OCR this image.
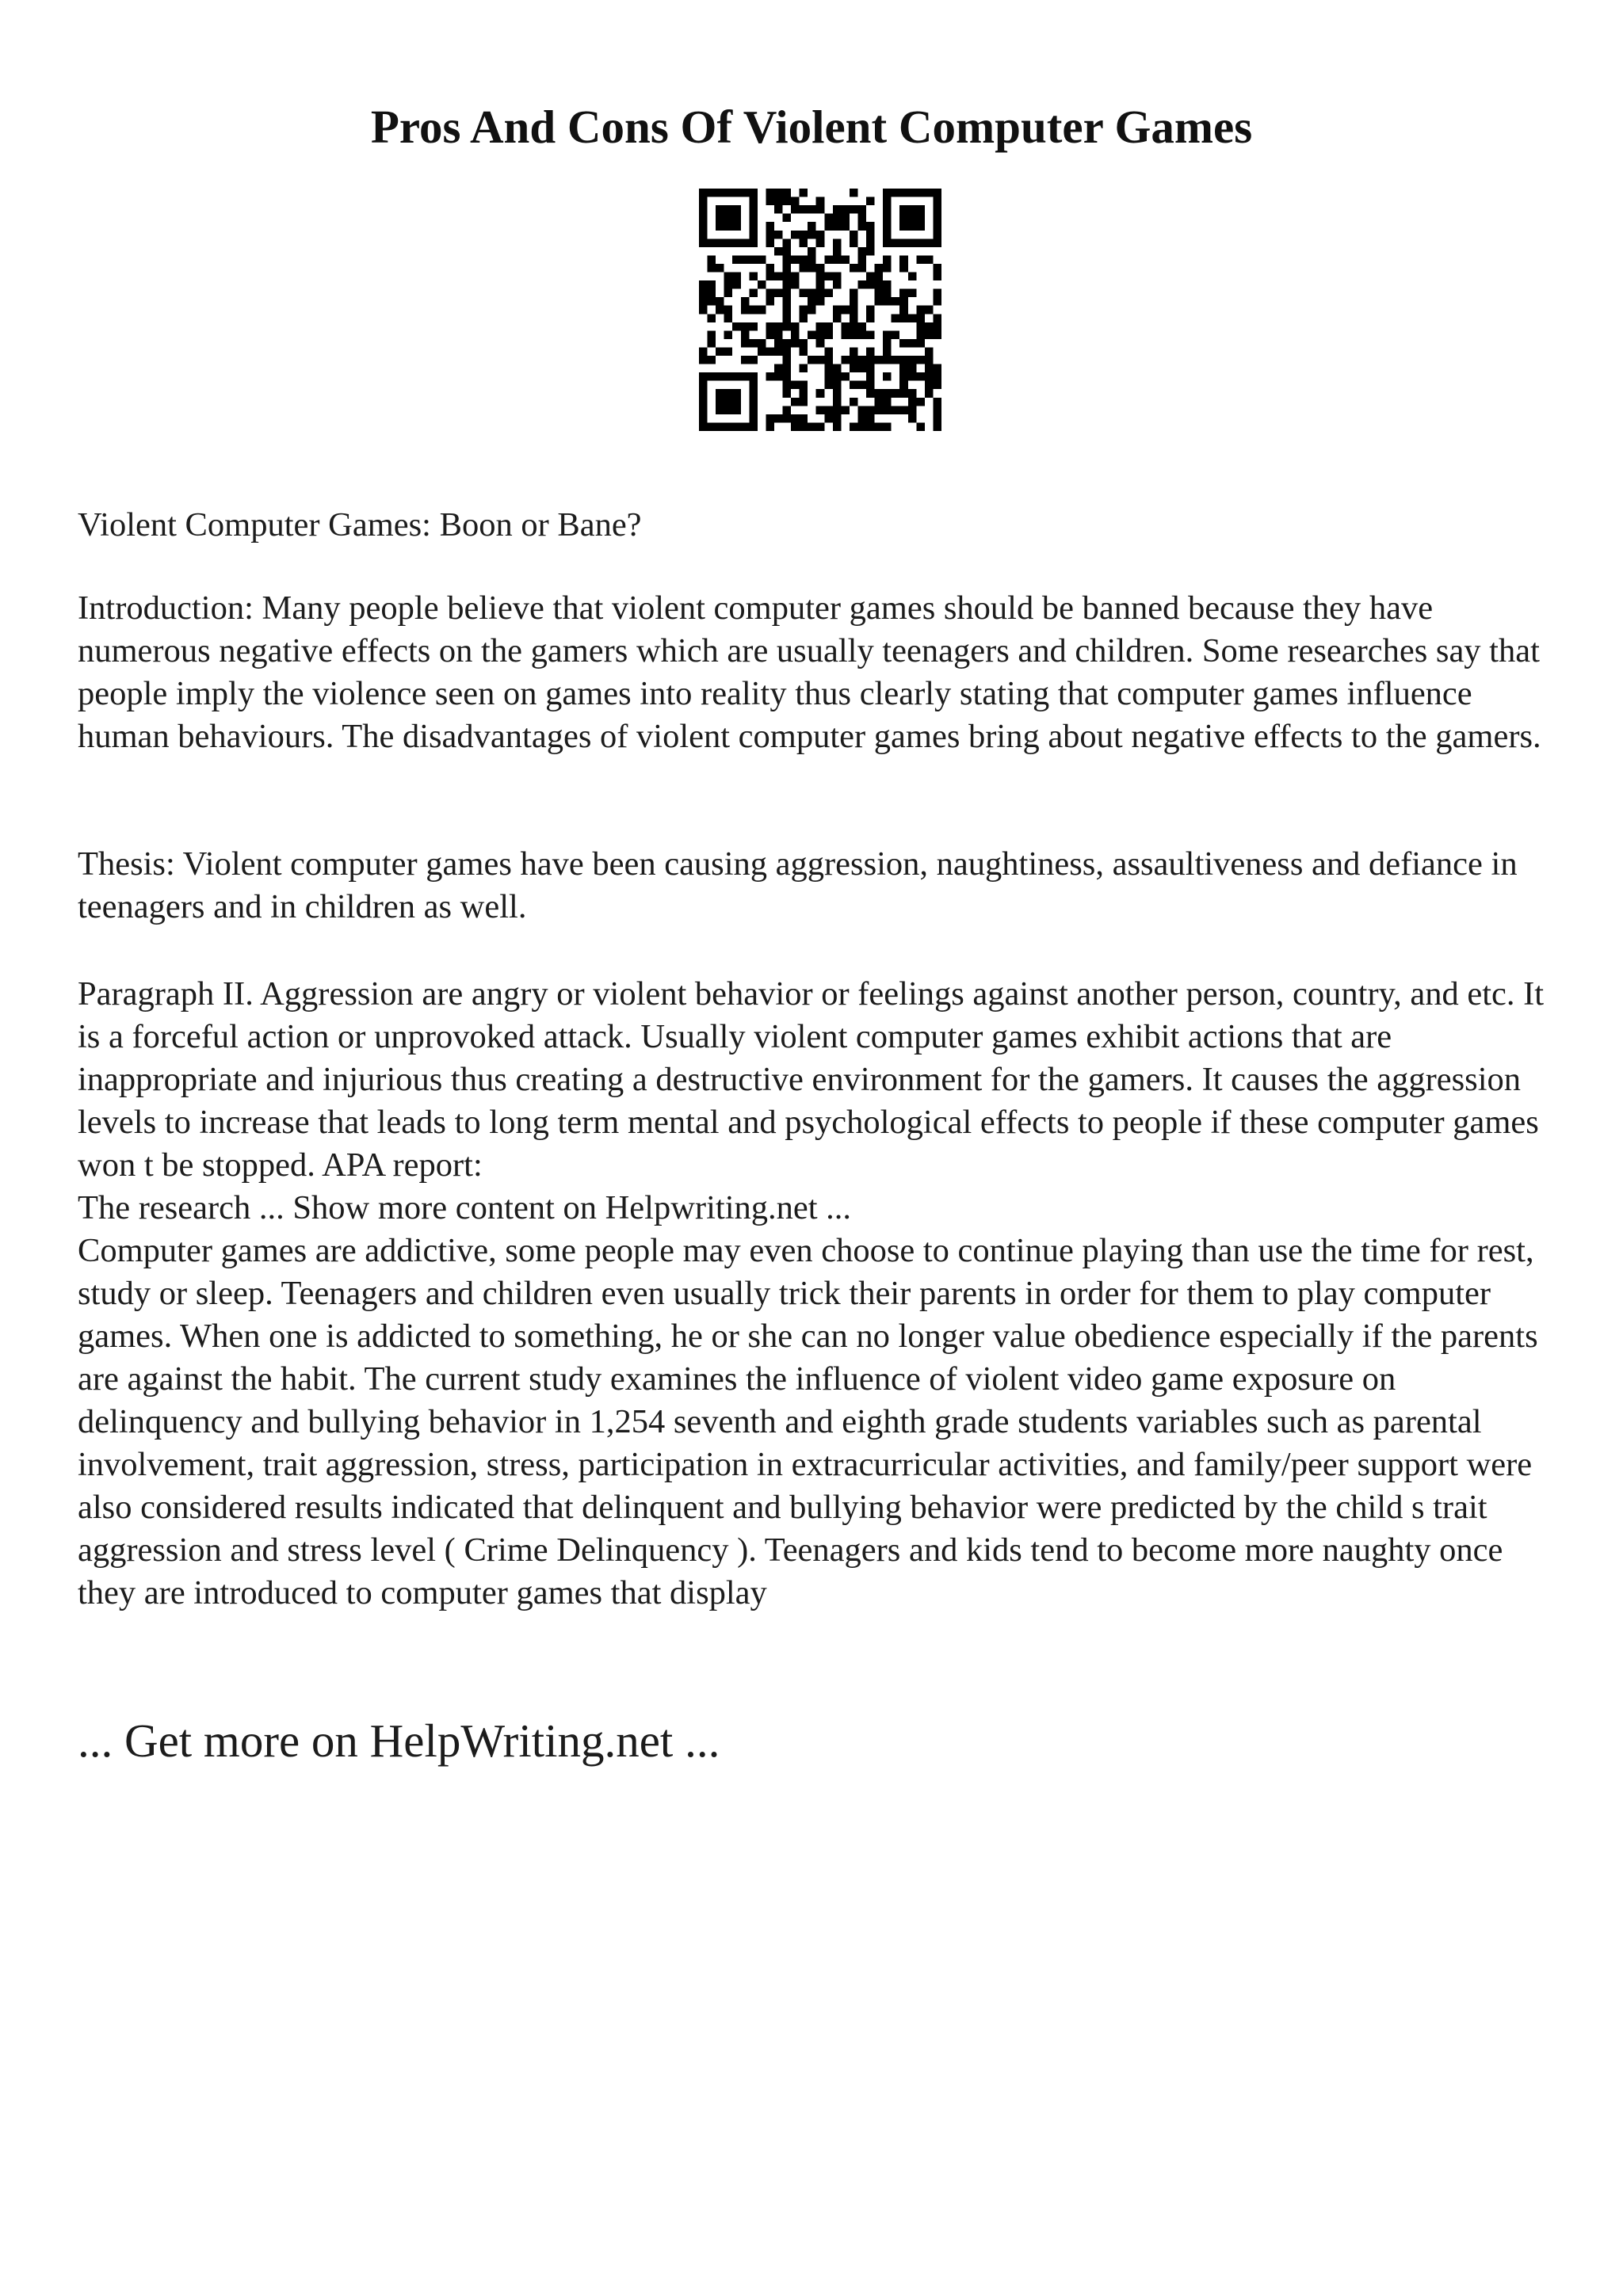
Pros And Cons Of Violent Computer Games

Violent Computer Games: Boon or Bane?

Introduction: Many people believe that violent computer games should be banned because they have numerous negative effects on the gamers which are usually teenagers and children. Some researches say that people imply the violence seen on games into reality thus clearly stating that computer games influence human behaviours. The disadvantages of violent computer games bring about negative effects to the gamers.

Thesis: Violent computer games have been causing aggression, naughtiness, assaultiveness and defiance in teenagers and in children as well.

Paragraph II. Aggression are angry or violent behavior or feelings against another person, country, and etc. It is a forceful action or unprovoked attack. Usually violent computer games exhibit actions that are inappropriate and injurious thus creating a destructive environment for the gamers. It causes the aggression levels to increase that leads to long term mental and psychological effects to people if these computer games won t be stopped. APA report:

The research ... Show more content on Helpwriting.net ...

Computer games are addictive, some people may even choose to continue playing than use the time for rest, study or sleep. Teenagers and children even usually trick their parents in order for them to play computer games. When one is addicted to something, he or she can no longer value obedience especially if the parents are against the habit. The current study examines the influence of violent video game exposure on delinquency and bullying behavior in 1,254 seventh and eighth grade students variables such as parental involvement, trait aggression, stress, participation in extracurricular activities, and family/peer support were also considered results indicated that delinquent and bullying behavior were predicted by the child s trait aggression and stress level ( Crime Delinquency ). Teenagers and kids tend to become more naughty once they are introduced to computer games that display

... Get more on HelpWriting.net ...
